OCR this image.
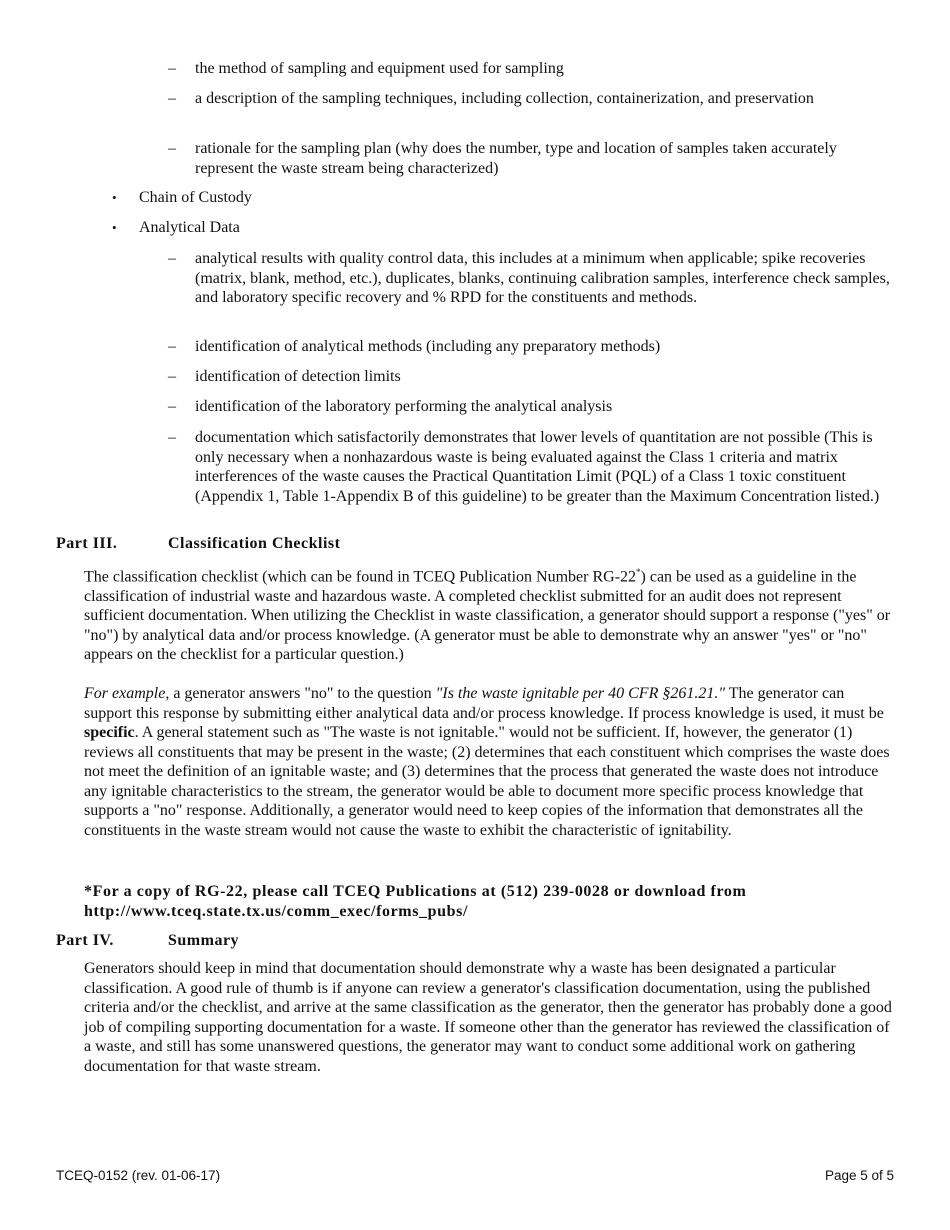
– the method of sampling and equipment used for sampling
– a description of the sampling techniques, including collection, containerization, and preservation
– rationale for the sampling plan (why does the number, type and location of samples taken accurately represent the waste stream being characterized)
• Chain of Custody
• Analytical Data
– analytical results with quality control data, this includes at a minimum when applicable; spike recoveries (matrix, blank, method, etc.), duplicates, blanks, continuing calibration samples, interference check samples, and laboratory specific recovery and % RPD for the constituents and methods.
– identification of analytical methods (including any preparatory methods)
– identification of detection limits
– identification of the laboratory performing the analytical analysis
– documentation which satisfactorily demonstrates that lower levels of quantitation are not possible (This is only necessary when a nonhazardous waste is being evaluated against the Class 1 criteria and matrix interferences of the waste causes the Practical Quantitation Limit (PQL) of a Class 1 toxic constituent (Appendix 1, Table 1-Appendix B of this guideline) to be greater than the Maximum Concentration listed.)
Part III.	Classification Checklist
The classification checklist (which can be found in TCEQ Publication Number RG-22*) can be used as a guideline in the classification of industrial waste and hazardous waste. A completed checklist submitted for an audit does not represent sufficient documentation. When utilizing the Checklist in waste classification, a generator should support a response ("yes" or "no") by analytical data and/or process knowledge. (A generator must be able to demonstrate why an answer "yes" or "no" appears on the checklist for a particular question.)
For example, a generator answers "no" to the question "Is the waste ignitable per 40 CFR §261.21." The generator can support this response by submitting either analytical data and/or process knowledge. If process knowledge is used, it must be specific. A general statement such as "The waste is not ignitable." would not be sufficient. If, however, the generator (1) reviews all constituents that may be present in the waste; (2) determines that each constituent which comprises the waste does not meet the definition of an ignitable waste; and (3) determines that the process that generated the waste does not introduce any ignitable characteristics to the stream, the generator would be able to document more specific process knowledge that supports a "no" response. Additionally, a generator would need to keep copies of the information that demonstrates all the constituents in the waste stream would not cause the waste to exhibit the characteristic of ignitability.
*For a copy of RG-22, please call TCEQ Publications at (512) 239-0028 or download from
http://www.tceq.state.tx.us/comm_exec/forms_pubs/
Part IV.	Summary
Generators should keep in mind that documentation should demonstrate why a waste has been designated a particular classification. A good rule of thumb is if anyone can review a generator's classification documentation, using the published criteria and/or the checklist, and arrive at the same classification as the generator, then the generator has probably done a good job of compiling supporting documentation for a waste. If someone other than the generator has reviewed the classification of a waste, and still has some unanswered questions, the generator may want to conduct some additional work on gathering documentation for that waste stream.
TCEQ-0152 (rev. 01-06-17)	Page 5 of 5
